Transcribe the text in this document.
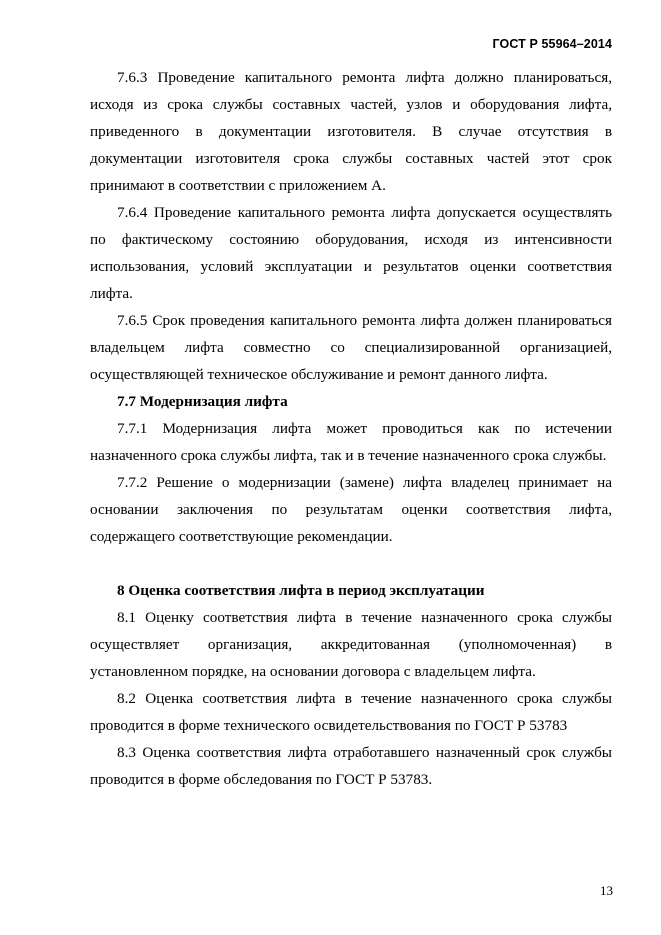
ГОСТ Р 55964–2014

7.6.3 Проведение капитального ремонта лифта должно планироваться, исходя из срока службы составных частей, узлов и оборудования лифта, приведенного в документации изготовителя. В случае отсутствия в документации изготовителя срока службы составных частей этот срок принимают в соответствии с приложением А.

7.6.4 Проведение капитального ремонта лифта допускается осуществлять по фактическому состоянию оборудования, исходя из интенсивности использования, условий эксплуатации и результатов оценки соответствия лифта.

7.6.5 Срок проведения капитального ремонта лифта должен планироваться владельцем лифта совместно со специализированной организацией, осуществляющей техническое обслуживание и ремонт данного лифта.

7.7 Модернизация лифта

7.7.1 Модернизация лифта может проводиться как по истечении назначенного срока службы лифта, так и в течение назначенного срока службы.

7.7.2 Решение о модернизации (замене) лифта владелец принимает на основании заключения по результатам оценки соответствия лифта, содержащего соответствующие рекомендации.

8 Оценка соответствия лифта в период эксплуатации

8.1 Оценку соответствия лифта в течение назначенного срока службы осуществляет организация, аккредитованная (уполномоченная) в установленном порядке, на основании договора с владельцем лифта.

8.2 Оценка соответствия лифта в течение назначенного срока службы проводится в форме технического освидетельствования по ГОСТ Р 53783

8.3 Оценка соответствия лифта отработавшего назначенный срок службы проводится в форме обследования по ГОСТ Р 53783.

13
